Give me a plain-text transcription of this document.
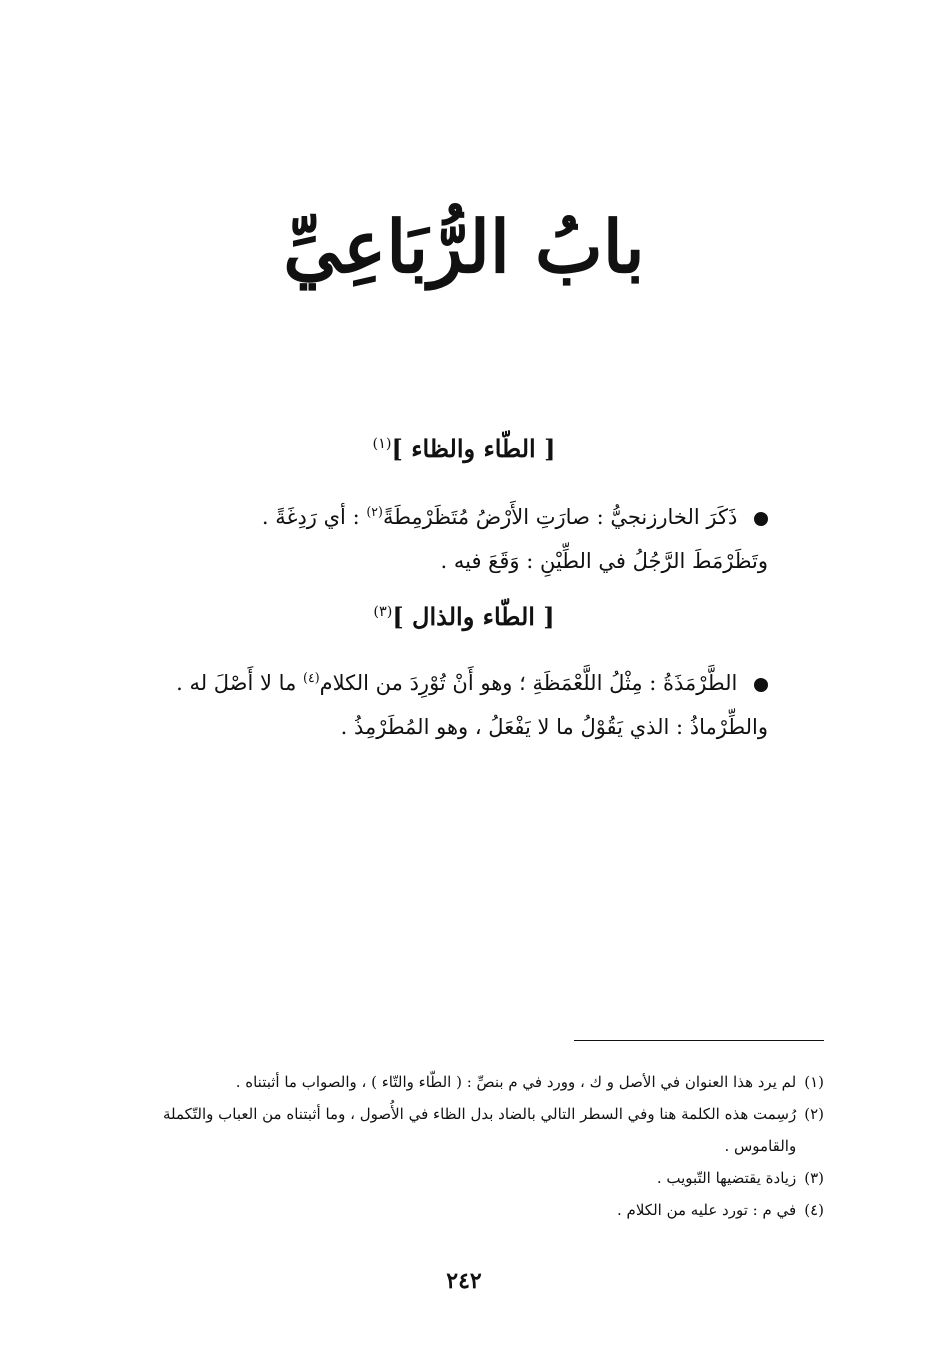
بابُ الرُّبَاعِيِّ
[ الطّاء والظاء ]$^{(١)}$
ذَكَرَ الخارزنجيُّ : صارَتِ الأَرْضُ مُتَظَرْمِطَةً$^{(٢)}$ : أي رَدِغَةً .
وتَظَرْمَطَ الرَّجُلُ في الطِّيْنِ : وَقَعَ فيه .
[ الطّاء والذال ]$^{(٣)}$
الطَّرْمَذَةُ : مِثْلُ اللَّعْمَظَةِ ؛ وهو أَنْ تُوْرِدَ من الكلام$^{(٤)}$ ما لا أَصْلَ له .
والطِّرْماذُ : الذي يَقُوْلُ ما لا يَفْعَلُ ، وهو المُطَرْمِذُ .
(١)
لم يرد هذا العنوان في الأصل و ك ، وورد في م بنصِّ : ( الطّاء والتّاء ) ، والصواب ما أثبتناه .
(٢)
رُسِمت هذه الكلمة هنا وفي السطر التالي بالضاد بدل الظاء في الأُصول ، وما أثبتناه من العباب والتّكملة والقاموس .
(٣)
زيادة يقتضيها التّبويب .
(٤)
في م : تورد عليه من الكلام .
٢٤٢
